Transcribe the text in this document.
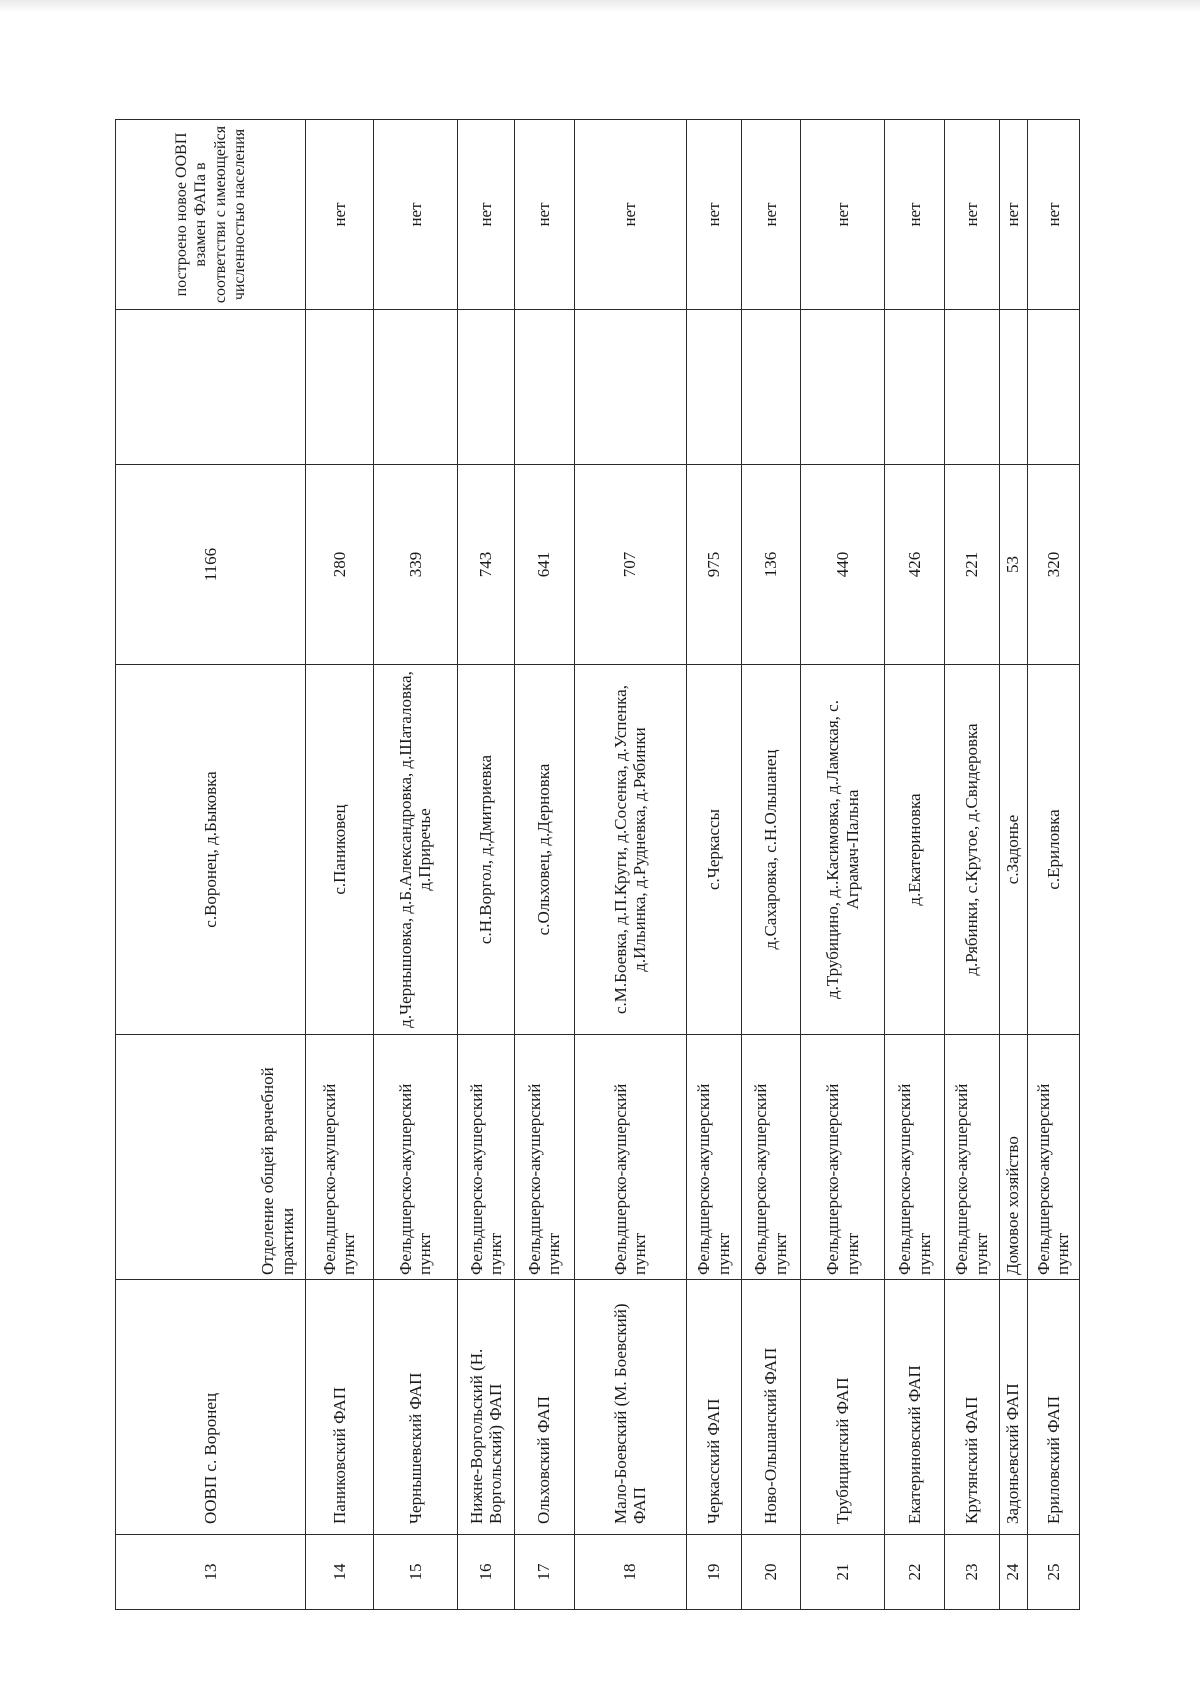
13	ООВП с. Воронец	Отделение общей врачебной практики	с.Воронец, д.Быковка	1166		построено новое ООВП взамен ФАПа в соответстви с имеющейся численностью населения
14	Паниковский ФАП	Фельдшерско-акушерский пункт	с.Паниковец	280		нет
15	Чернышевский ФАП	Фельдшерско-акушерский пункт	д.Чернышовка, д.Б.Александровка, д.Шаталовка, д.Приречье	339		нет
16	Нижне-Воргольский (Н. Воргольский) ФАП	Фельдшерско-акушерский пункт	с.Н.Воргол, д.Дмитриевка	743		нет
17	Ольховский ФАП	Фельдшерско-акушерский пункт	с.Ольховец, д.Дерновка	641		нет
18	Мало-Боевский (М. Боевский) ФАП	Фельдшерско-акушерский пункт	с.М.Боевка, д.П.Круги, д.Сосенка, д.Успенка, д.Ильинка, д.Рудневка, д.Рябинки	707		нет
19	Черкасский ФАП	Фельдшерско-акушерский пункт	с.Черкассы	975		нет
20	Ново-Ольшанский ФАП	Фельдшерско-акушерский пункт	д.Сахаровка, с.Н.Ольшанец	136		нет
21	Трубицинский ФАП	Фельдшерско-акушерский пункт	д.Трубицино, д..Касимовка, д.Ламская, с. Аграмач-Пальна	440		нет
22	Екатериновский ФАП	Фельдшерско-акушерский пункт	д.Екатериновка	426		нет
23	Крутянский ФАП	Фельдшерско-акушерский пункт	д.Рябинки, с.Крутое, д.Свидеровка	221		нет
24	Задоньевский ФАП	Домовое хозяйство	с.Задонье	53		нет
25	Ериловский ФАП	Фельдшерско-акушерский пункт	с.Ериловка	320		нет
